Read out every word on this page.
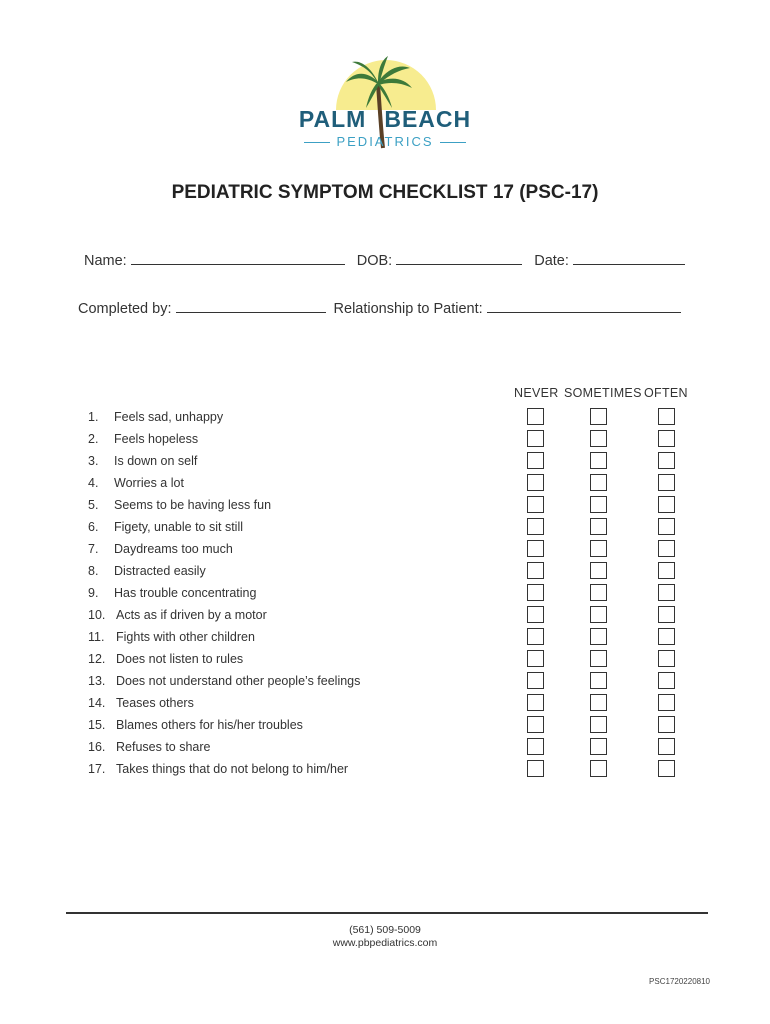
PALM BEACH
PEDIATRICS
PEDIATRIC SYMPTOM CHECKLIST 17 (PSC-17)
Name:	DOB:	Date:
Completed by:	Relationship to Patient:
NEVER SOMETIMES OFTEN
1. Feels sad, unhappy
2. Feels hopeless
3. Is down on self
4. Worries a lot
5. Seems to be having less fun
6. Figety, unable to sit still
7. Daydreams too much
8. Distracted easily
9. Has trouble concentrating
10. Acts as if driven by a motor
11. Fights with other children
12. Does not listen to rules
13. Does not understand other people’s feelings
14. Teases others
15. Blames others for his/her troubles
16. Refuses to share
17. Takes things that do not belong to him/her
(561) 509-5009
www.pbpediatrics.com
PSC1720220810
